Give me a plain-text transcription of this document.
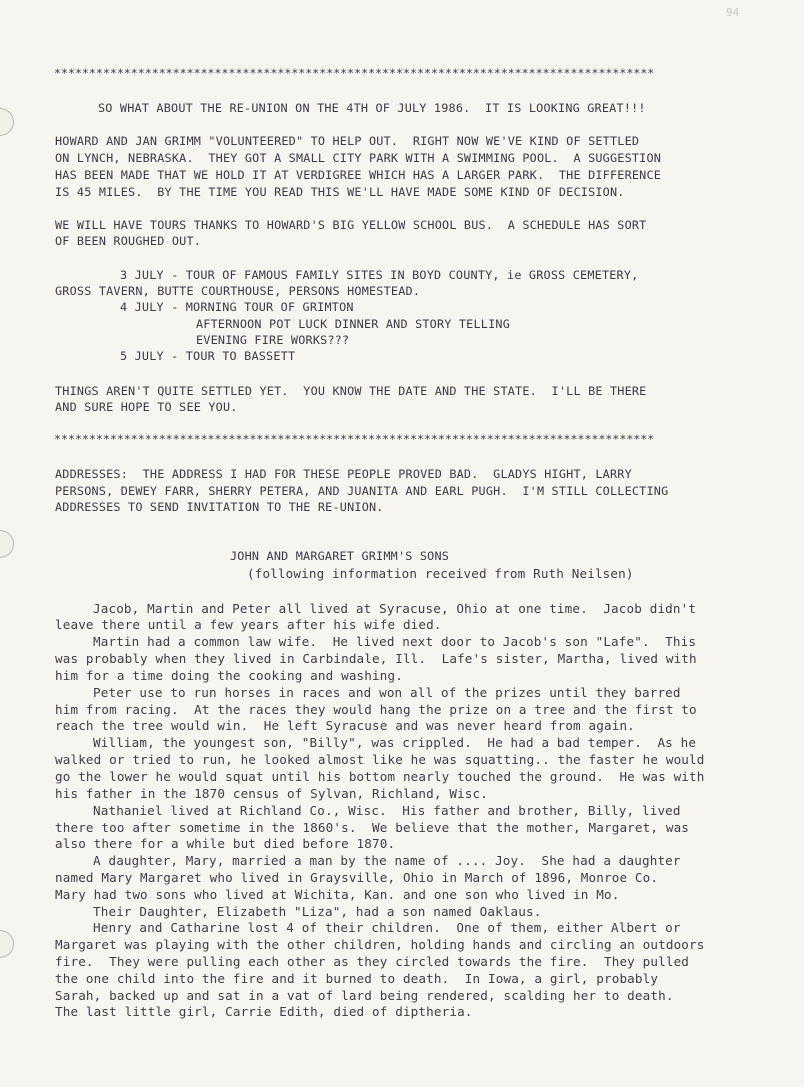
94
**************************************************************************************
SO WHAT ABOUT THE RE-UNION ON THE 4TH OF JULY 1986.  IT IS LOOKING GREAT!!!
HOWARD AND JAN GRIMM "VOLUNTEERED" TO HELP OUT.  RIGHT NOW WE'VE KIND OF SETTLED
ON LYNCH, NEBRASKA.  THEY GOT A SMALL CITY PARK WITH A SWIMMING POOL.  A SUGGESTION
HAS BEEN MADE THAT WE HOLD IT AT VERDIGREE WHICH HAS A LARGER PARK.  THE DIFFERENCE
IS 45 MILES.  BY THE TIME YOU READ THIS WE'LL HAVE MADE SOME KIND OF DECISION.
WE WILL HAVE TOURS THANKS TO HOWARD'S BIG YELLOW SCHOOL BUS.  A SCHEDULE HAS SORT
OF BEEN ROUGHED OUT.
3 JULY - TOUR OF FAMOUS FAMILY SITES IN BOYD COUNTY, ie GROSS CEMETERY,
GROSS TAVERN, BUTTE COURTHOUSE, PERSONS HOMESTEAD.
4 JULY - MORNING TOUR OF GRIMTON
AFTERNOON POT LUCK DINNER AND STORY TELLING
EVENING FIRE WORKS???
5 JULY - TOUR TO BASSETT
THINGS AREN'T QUITE SETTLED YET.  YOU KNOW THE DATE AND THE STATE.  I'LL BE THERE
AND SURE HOPE TO SEE YOU.
**************************************************************************************
ADDRESSES:  THE ADDRESS I HAD FOR THESE PEOPLE PROVED BAD.  GLADYS HIGHT, LARRY
PERSONS, DEWEY FARR, SHERRY PETERA, AND JUANITA AND EARL PUGH.  I'M STILL COLLECTING
ADDRESSES TO SEND INVITATION TO THE RE-UNION.
JOHN AND MARGARET GRIMM'S SONS
(following information received from Ruth Neilsen)
Jacob, Martin and Peter all lived at Syracuse, Ohio at one time.  Jacob didn't
leave there until a few years after his wife died.
Martin had a common law wife.  He lived next door to Jacob's son "Lafe".  This
was probably when they lived in Carbindale, Ill.  Lafe's sister, Martha, lived with
him for a time doing the cooking and washing.
Peter use to run horses in races and won all of the prizes until they barred
him from racing.  At the races they would hang the prize on a tree and the first to
reach the tree would win.  He left Syracuse and was never heard from again.
William, the youngest son, "Billy", was crippled.  He had a bad temper.  As he
walked or tried to run, he looked almost like he was squatting.. the faster he would
go the lower he would squat until his bottom nearly touched the ground.  He was with
his father in the 1870 census of Sylvan, Richland, Wisc.
Nathaniel lived at Richland Co., Wisc.  His father and brother, Billy, lived
there too after sometime in the 1860's.  We believe that the mother, Margaret, was
also there for a while but died before 1870.
A daughter, Mary, married a man by the name of .... Joy.  She had a daughter
named Mary Margaret who lived in Graysville, Ohio in March of 1896, Monroe Co.
Mary had two sons who lived at Wichita, Kan. and one son who lived in Mo.
Their Daughter, Elizabeth "Liza", had a son named Oaklaus.
Henry and Catharine lost 4 of their children.  One of them, either Albert or
Margaret was playing with the other children, holding hands and circling an outdoors
fire.  They were pulling each other as they circled towards the fire.  They pulled
the one child into the fire and it burned to death.  In Iowa, a girl, probably
Sarah, backed up and sat in a vat of lard being rendered, scalding her to death.
The last little girl, Carrie Edith, died of diptheria.
